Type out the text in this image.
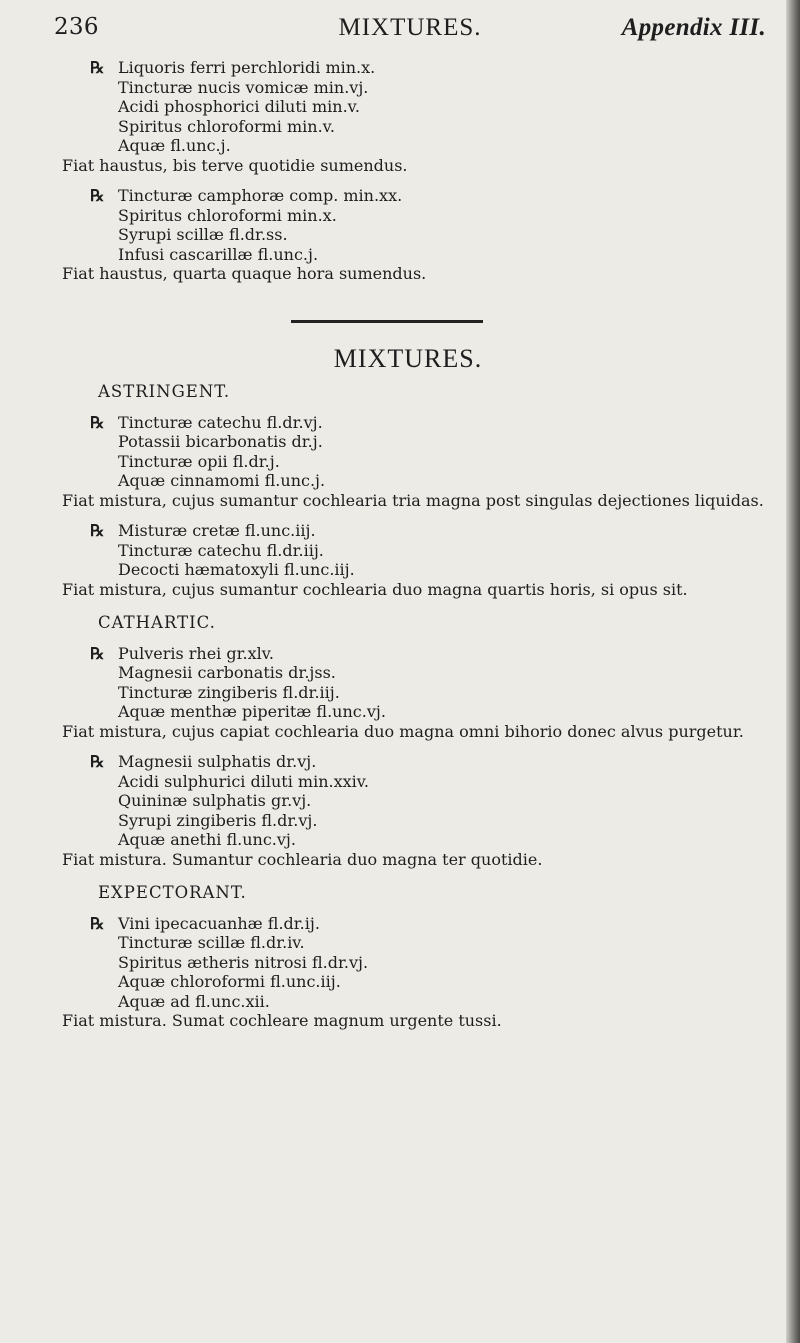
236	MIXTURES.	Appendix III.
℞ Liquoris ferri perchloridi min.x.
Tincturæ nucis vomicæ min.vj.
Acidi phosphorici diluti min.v.
Spiritus chloroformi min.v.
Aquæ fl.unc.j.
Fiat haustus, bis terve quotidie sumendus.
℞ Tincturæ camphoræ comp. min.xx.
Spiritus chloroformi min.x.
Syrupi scillæ fl.dr.ss.
Infusi cascarillæ fl.unc.j.
Fiat haustus, quarta quaque hora sumendus.
MIXTURES.
ASTRINGENT.
℞ Tincturæ catechu fl.dr.vj.
Potassii bicarbonatis dr.j.
Tincturæ opii fl.dr.j.
Aquæ cinnamomi fl.unc.j.
Fiat mistura, cujus sumantur cochlearia tria magna post singulas dejectiones liquidas.
℞ Misturæ cretæ fl.unc.iij.
Tincturæ catechu fl.dr.iij.
Decocti hæmatoxyli fl.unc.iij.
Fiat mistura, cujus sumantur cochlearia duo magna quartis horis, si opus sit.
CATHARTIC.
℞ Pulveris rhei gr.xlv.
Magnesii carbonatis dr.jss.
Tincturæ zingiberis fl.dr.iij.
Aquæ menthæ piperitæ fl.unc.vj.
Fiat mistura, cujus capiat cochlearia duo magna omni bihorio donec alvus purgetur.
℞ Magnesii sulphatis dr.vj.
Acidi sulphurici diluti min.xxiv.
Quininæ sulphatis gr.vj.
Syrupi zingiberis fl.dr.vj.
Aquæ anethi fl.unc.vj.
Fiat mistura. Sumantur cochlearia duo magna ter quotidie.
EXPECTORANT.
℞ Vini ipecacuanhæ fl.dr.ij.
Tincturæ scillæ fl.dr.iv.
Spiritus ætheris nitrosi fl.dr.vj.
Aquæ chloroformi fl.unc.iij.
Aquæ ad fl.unc.xii.
Fiat mistura. Sumat cochleare magnum urgente tussi.
